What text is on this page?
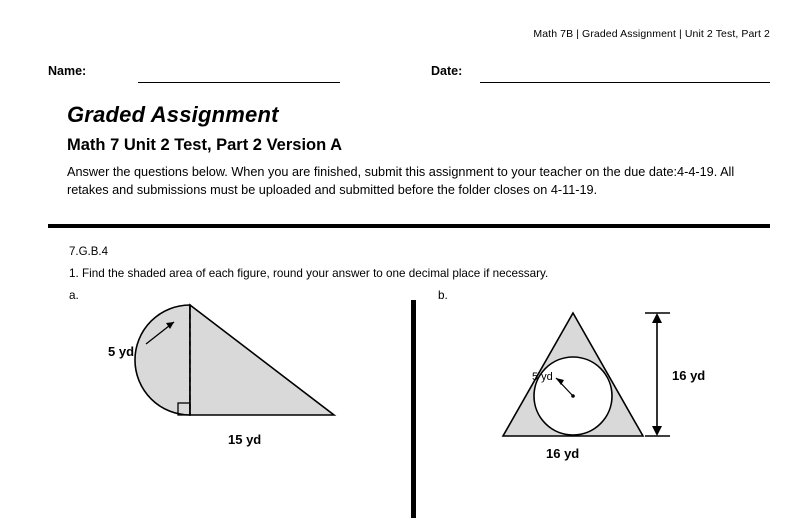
Math 7B | Graded Assignment | Unit 2 Test, Part 2
Name:	Date:
Graded Assignment
Math 7 Unit 2 Test, Part 2 Version A
Answer the questions below. When you are finished, submit this assignment to your teacher on the due date:4-4-19. All retakes and submissions must be uploaded and submitted before the folder closes on 4-11-19.
7.G.B.4
1. Find the shaded area of each figure, round your answer to one decimal place if necessary.
a.	b.
5 yd
15 yd
5 yd	16 yd
16 yd
